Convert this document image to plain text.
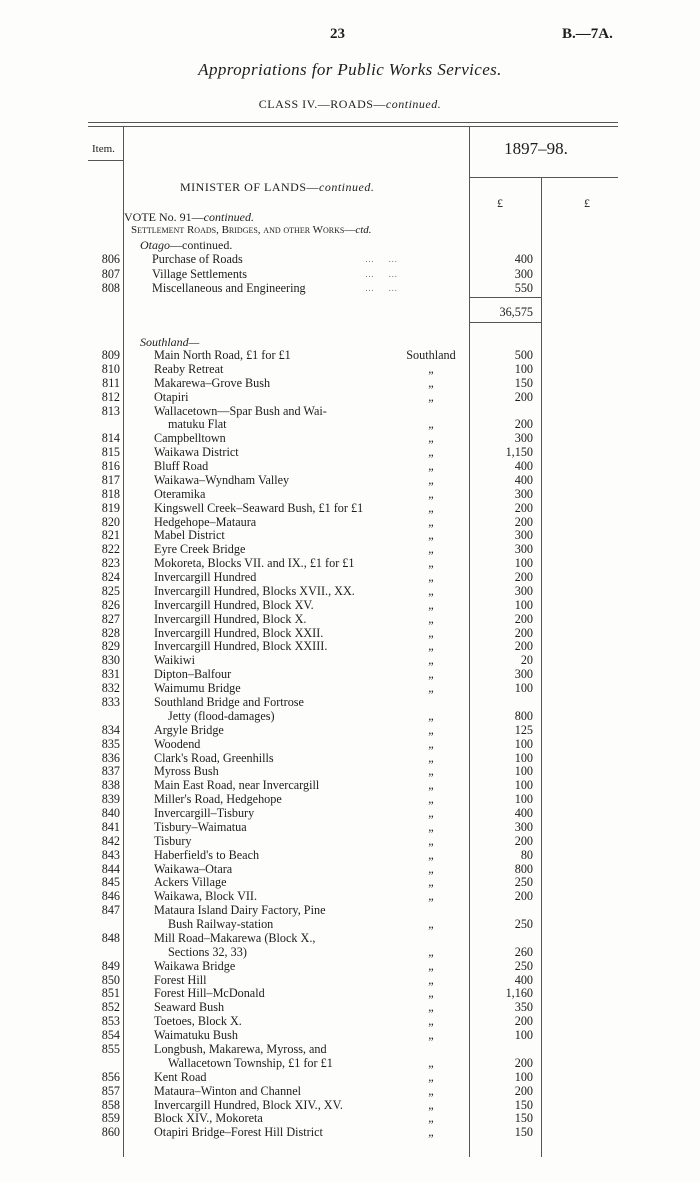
23	B.—7A.
Appropriations for Public Works Services.
CLASS IV.—ROADS—continued.
Item.	1897–98.
£	£
MINISTER OF LANDS—continued.
VOTE No. 91—continued.
Settlement Roads, Bridges, and other Works—ctd.
Otago—continued.
806	Purchase of Roads	… …	400
807	Village Settlements	… …	300
808	Miscellaneous and Engineering	… …	550
36,575
Southland—
809	Main North Road, £1 for £1	Southland	500
810	Reaby Retreat	„	100
811	Makarewa–Grove Bush	„	150
812	Otapiri	„	200
813	Wallacetown—Spar Bush and Wai-
matuku Flat	„	200
814	Campbelltown	„	300
815	Waikawa District	„	1,150
816	Bluff Road	„	400
817	Waikawa–Wyndham Valley	„	400
818	Oteramika	„	300
819	Kingswell Creek–Seaward Bush, £1 for £1	„	200
820	Hedgehope–Mataura	„	200
821	Mabel District	„	300
822	Eyre Creek Bridge	„	300
823	Mokoreta, Blocks VII. and IX., £1 for £1	„	100
824	Invercargill Hundred	„	200
825	Invercargill Hundred, Blocks XVII., XX.	„	300
826	Invercargill Hundred, Block XV.	„	100
827	Invercargill Hundred, Block X.	„	200
828	Invercargill Hundred, Block XXII.	„	200
829	Invercargill Hundred, Block XXIII.	„	200
830	Waikiwi	„	20
831	Dipton–Balfour	„	300
832	Waimumu Bridge	„	100
833	Southland Bridge and Fortrose
Jetty (flood-damages)	„	800
834	Argyle Bridge	„	125
835	Woodend	„	100
836	Clark's Road, Greenhills	„	100
837	Myross Bush	„	100
838	Main East Road, near Invercargill	„	100
839	Miller's Road, Hedgehope	„	100
840	Invercargill–Tisbury	„	400
841	Tisbury–Waimatua	„	300
842	Tisbury	„	200
843	Haberfield's to Beach	„	80
844	Waikawa–Otara	„	800
845	Ackers Village	„	250
846	Waikawa, Block VII.	„	200
847	Mataura Island Dairy Factory, Pine
Bush Railway-station	„	250
848	Mill Road–Makarewa (Block X.,
Sections 32, 33)	„	260
849	Waikawa Bridge	„	250
850	Forest Hill	„	400
851	Forest Hill–McDonald	„	1,160
852	Seaward Bush	„	350
853	Toetoes, Block X.	„	200
854	Waimatuku Bush	„	100
855	Longbush, Makarewa, Myross, and
Wallacetown Township, £1 for £1	„	200
856	Kent Road	„	100
857	Mataura–Winton and Channel	„	200
858	Invercargill Hundred, Block XIV., XV.	„	150
859	Block XIV., Mokoreta	„	150
860	Otapiri Bridge–Forest Hill District	„	150
